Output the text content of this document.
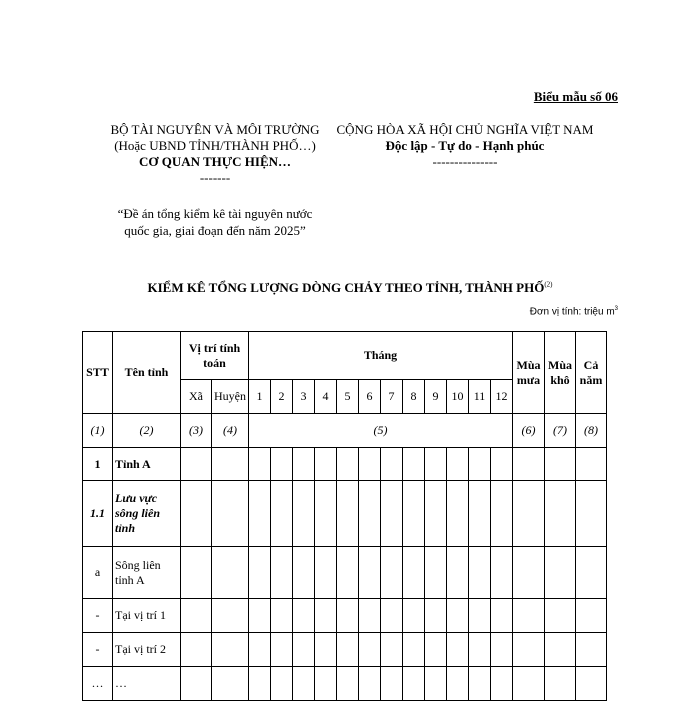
Biểu mẫu số 06
BỘ TÀI NGUYÊN VÀ MÔI TRƯỜNG
(Hoặc UBND TỈNH/THÀNH PHỐ…)
CƠ QUAN THỰC HIỆN…
-------
CỘNG HÒA XÃ HỘI CHỦ NGHĨA VIỆT NAM
Độc lập - Tự do - Hạnh phúc
---------------
“Đề án tổng kiểm kê tài nguyên nước
quốc gia, giai đoạn đến năm 2025”
KIỂM KÊ TỔNG LƯỢNG DÒNG CHẢY THEO TỈNH, THÀNH PHỐ$^{(2)}$
Đơn vị tính: triệu $m^3$
STT	Tên tỉnh	Vị trí tính toán		Tháng												Mùa mưa	Mùa khô	Cả năm
		Xã	Huyện	1	2	3	4	5	6	7	8	9	10	11	12			
(1)	(2)	(3)	(4)	(5)												(6)	(7)	(8)
1	Tỉnh A																	
1.1	Lưu vực sông liên tỉnh																	
a	Sông liên tỉnh A																	
-	Tại vị trí 1																	
-	Tại vị trí 2																	
…	…																	
